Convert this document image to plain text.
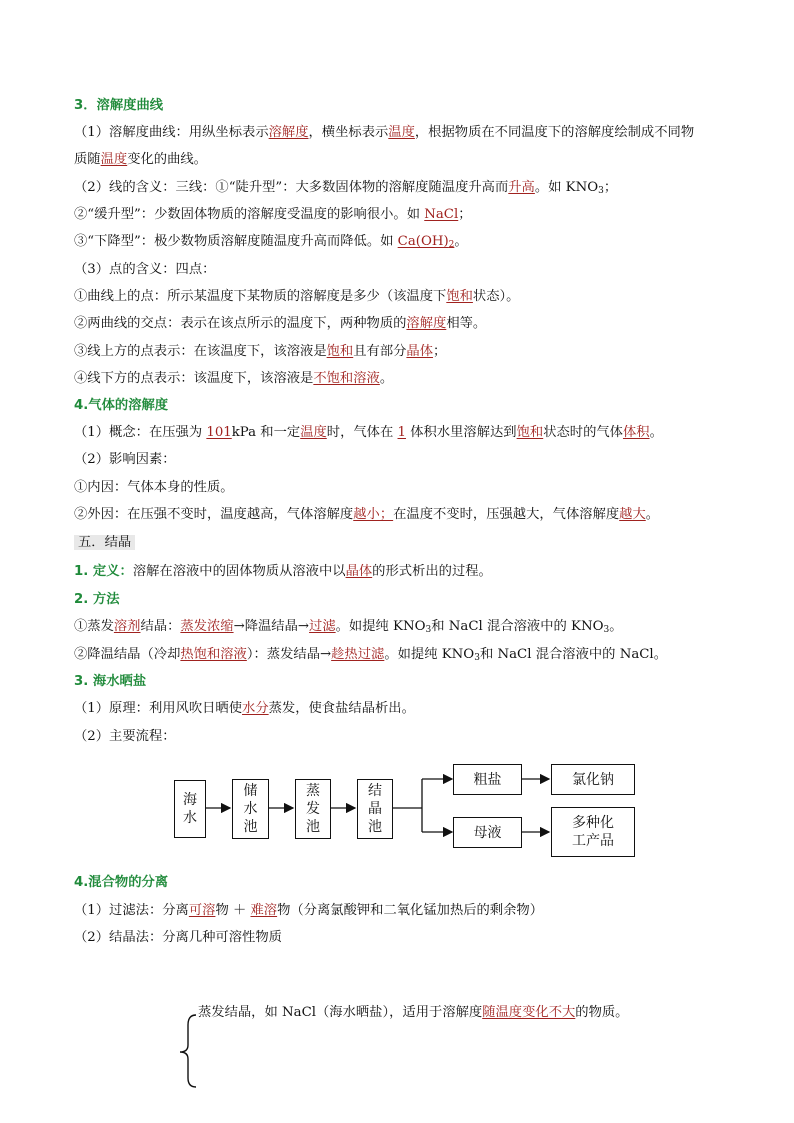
3．溶解度曲线
（1）溶解度曲线：用纵坐标表示溶解度，横坐标表示温度，根据物质在不同温度下的溶解度绘制成不同物
质随温度变化的曲线。
（2）线的含义：三线：①“陡升型”：大多数固体物的溶解度随温度升高而升高。如 $KNO_3$；
②“缓升型”：少数固体物质的溶解度受温度的影响很小。如 NaCl；
③“下降型”：极少数物质溶解度随温度升高而降低。如 $Ca(OH)_2$。
（3）点的含义：四点：
①曲线上的点：所示某温度下某物质的溶解度是多少（该温度下饱和状态）。
②两曲线的交点：表示在该点所示的温度下，两种物质的溶解度相等。
③线上方的点表示：在该温度下，该溶液是饱和且有部分晶体；
④线下方的点表示：该温度下，该溶液是不饱和溶液。
4.气体的溶解度
（1）概念：在压强为 101kPa 和一定温度时，气体在 1 体积水里溶解达到饱和状态时的气体体积。
（2）影响因素：
①内因：气体本身的性质。
②外因：在压强不变时，温度越高，气体溶解度越小；在温度不变时，压强越大，气体溶解度越大。
五．结晶
1. 定义：溶解在溶液中的固体物质从溶液中以晶体的形式析出的过程。
2. 方法
①蒸发溶剂结晶：蒸发浓缩→降温结晶→过滤。如提纯 $KNO_3$和 NaCl 混合溶液中的 $KNO_3$。
②降温结晶（冷却热饱和溶液）：蒸发结晶→趁热过滤。如提纯 $KNO_3$和 NaCl 混合溶液中的 NaCl。
3. 海水晒盐
（1）原理：利用风吹日晒使水分蒸发，使食盐结晶析出。
（2）主要流程：
海
水
储
水
池
蒸
发
池
结
晶
池
粗盐	氯化钠
母液
多种化
工产品
4.混合物的分离
（1）过滤法：分离可溶物 ＋ 难溶物（分离氯酸钾和二氧化锰加热后的剩余物）
（2）结晶法：分离几种可溶性物质
蒸发结晶，如 NaCl（海水晒盐），适用于溶解度随温度变化不大的物质。
